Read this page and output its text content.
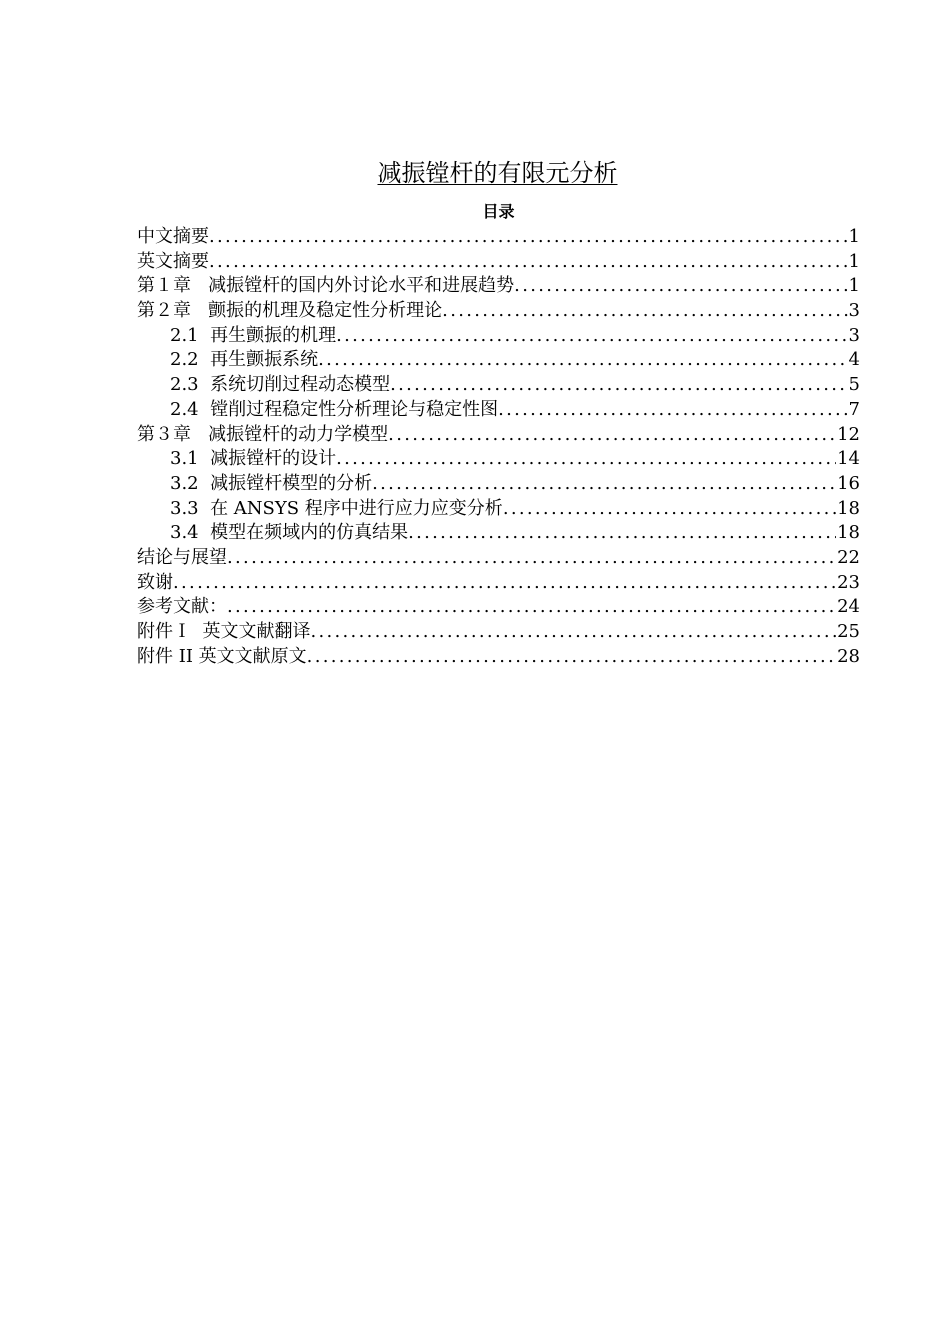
减振镗杆的有限元分析
目录
中文摘要 .....	1
英文摘要 .....	1
第１章   减振镗杆的国内外讨论水平和进展趋势 .....	1
第２章   颤振的机理及稳定性分析理论 .....	3
2.1  再生颤振的机理 .....	3
2.2  再生颤振系统 .....	4
2.3  系统切削过程动态模型 .....	5
2.4  镗削过程稳定性分析理论与稳定性图 .....	7
第３章   减振镗杆的动力学模型 .....	12
3.1  减振镗杆的设计 .....	14
3.2  减振镗杆模型的分析 .....	16
3.3  在 ANSYS 程序中进行应力应变分析 .....	18
3.4  模型在频域内的仿真结果 .....	18
结论与展望 .....	22
致谢 .....	23
参考文献： .....	24
附件Ｉ  英文文献翻译 .....	25
附件 II 英文文献原文 .....	28
